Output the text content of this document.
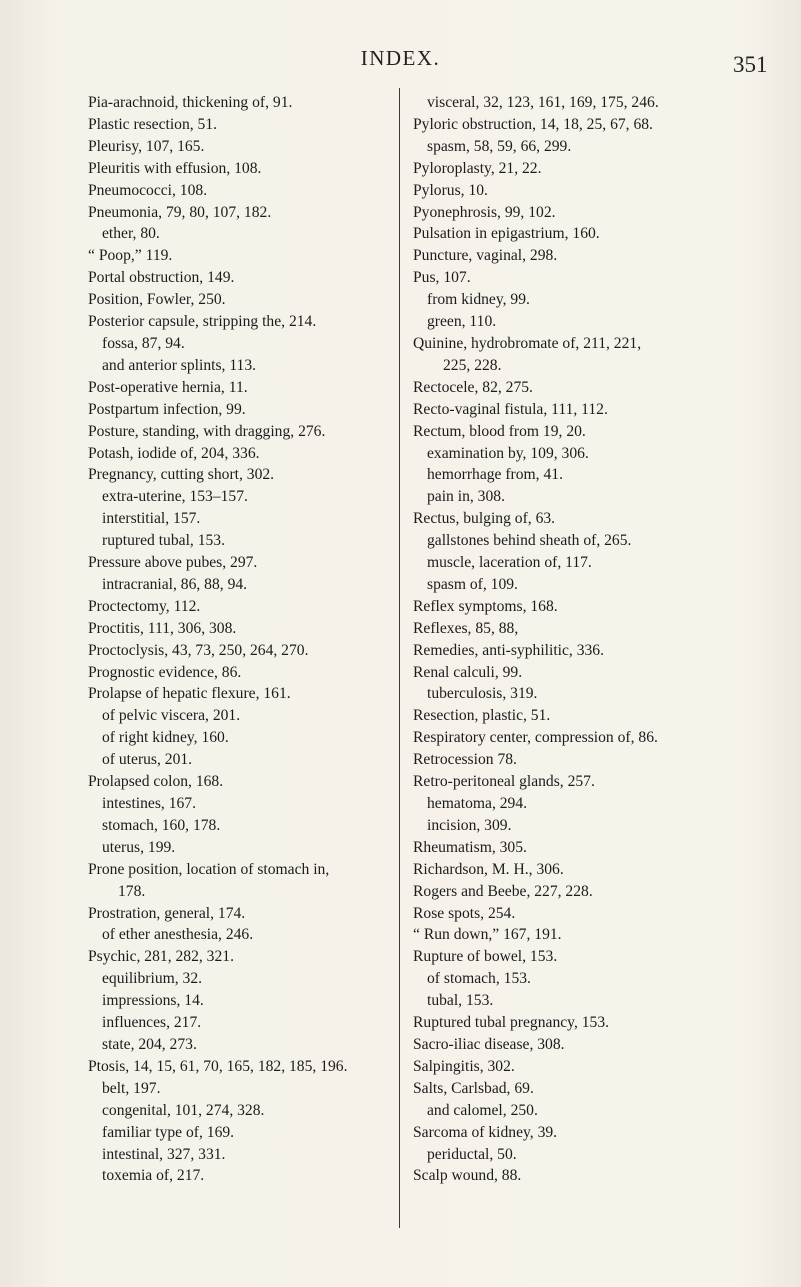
INDEX.	351
Pia-arachnoid, thickening of, 91.
Plastic resection, 51.
Pleurisy, 107, 165.
Pleuritis with effusion, 108.
Pneumococci, 108.
Pneumonia, 79, 80, 107, 182.
ether, 80.
“ Poop,” 119.
Portal obstruction, 149.
Position, Fowler, 250.
Posterior capsule, stripping the, 214.
fossa, 87, 94.
and anterior splints, 113.
Post-operative hernia, 11.
Postpartum infection, 99.
Posture, standing, with dragging, 276.
Potash, iodide of, 204, 336.
Pregnancy, cutting short, 302.
extra-uterine, 153–157.
interstitial, 157.
ruptured tubal, 153.
Pressure above pubes, 297.
intracranial, 86, 88, 94.
Proctectomy, 112.
Proctitis, 111, 306, 308.
Proctoclysis, 43, 73, 250, 264, 270.
Prognostic evidence, 86.
Prolapse of hepatic flexure, 161.
of pelvic viscera, 201.
of right kidney, 160.
of uterus, 201.
Prolapsed colon, 168.
intestines, 167.
stomach, 160, 178.
uterus, 199.
Prone position, location of stomach in,
178.
Prostration, general, 174.
of ether anesthesia, 246.
Psychic, 281, 282, 321.
equilibrium, 32.
impressions, 14.
influences, 217.
state, 204, 273.
Ptosis, 14, 15, 61, 70, 165, 182, 185, 196.
belt, 197.
congenital, 101, 274, 328.
familiar type of, 169.
intestinal, 327, 331.
toxemia of, 217.
visceral, 32, 123, 161, 169, 175, 246.
Pyloric obstruction, 14, 18, 25, 67, 68.
spasm, 58, 59, 66, 299.
Pyloroplasty, 21, 22.
Pylorus, 10.
Pyonephrosis, 99, 102.
Pulsation in epigastrium, 160.
Puncture, vaginal, 298.
Pus, 107.
from kidney, 99.
green, 110.
Quinine, hydrobromate of, 211, 221,
225, 228.
Rectocele, 82, 275.
Recto-vaginal fistula, 111, 112.
Rectum, blood from 19, 20.
examination by, 109, 306.
hemorrhage from, 41.
pain in, 308.
Rectus, bulging of, 63.
gallstones behind sheath of, 265.
muscle, laceration of, 117.
spasm of, 109.
Reflex symptoms, 168.
Reflexes, 85, 88,
Remedies, anti-syphilitic, 336.
Renal calculi, 99.
tuberculosis, 319.
Resection, plastic, 51.
Respiratory center, compression of, 86.
Retrocession 78.
Retro-peritoneal glands, 257.
hematoma, 294.
incision, 309.
Rheumatism, 305.
Richardson, M. H., 306.
Rogers and Beebe, 227, 228.
Rose spots, 254.
“ Run down,” 167, 191.
Rupture of bowel, 153.
of stomach, 153.
tubal, 153.
Ruptured tubal pregnancy, 153.
Sacro-iliac disease, 308.
Salpingitis, 302.
Salts, Carlsbad, 69.
and calomel, 250.
Sarcoma of kidney, 39.
periductal, 50.
Scalp wound, 88.
